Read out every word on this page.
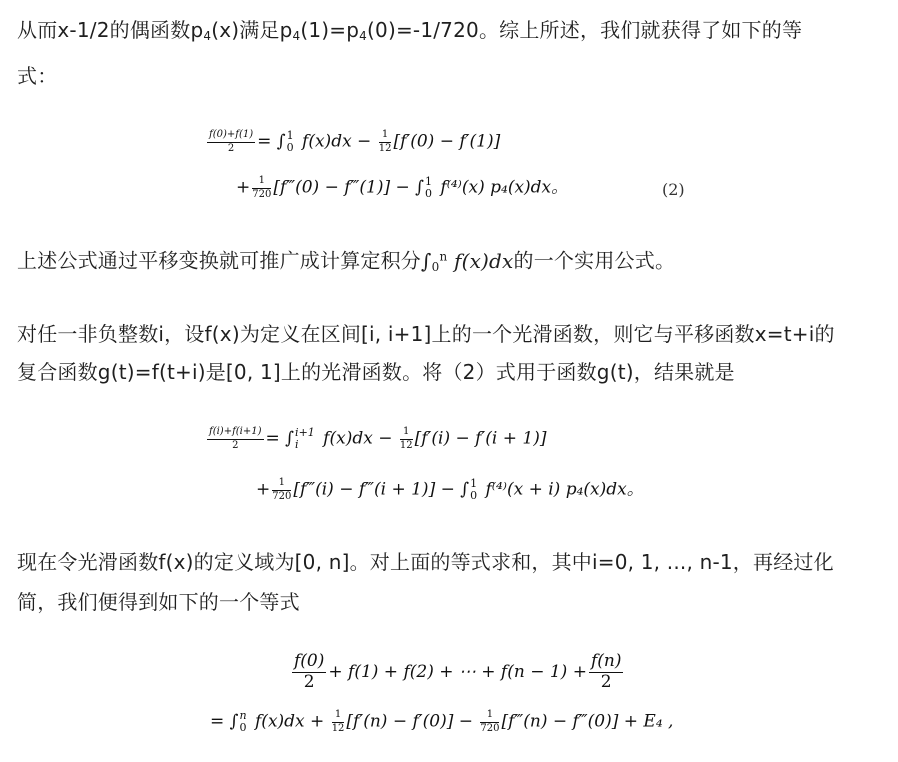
从而x-1/2的偶函数$p_4(x)$满足$p_4(1)=p_4(0)=-1/720$。综上所述，我们就获得了如下的等
式：
$\frac{f(0)+f(1)}{2}$ = ∫ 1
0 $f(x)dx - \frac{1}{12} [f'(0) - f'(1)]$
+ $\frac{1}{720}$ [f‴(0) − f‴(1)] − ∫ 1
0 f⁽⁴⁾(x) p₄(x)dx。	(2)
上述公式通过平移变换就可推广成计算定积分$\int_0^n$ f(x)dx的一个实用公式。
对任一非负整数i，设f(x)为定义在区间[i, i+1]上的一个光滑函数，则它与平移函数x=t+i的
复合函数g(t)=f(t+i)是[0, 1]上的光滑函数。将（2）式用于函数g(t)，结果就是
$\frac{f(i)+f(i+1)}{2}$ = ∫ i+1
i	$f(x)dx - \frac{1}{12} [f'(i) - f'(i + 1)]$
+ $\frac{1}{720}$ [f‴(i) − f‴(i + 1)] − ∫ 1
0 f⁽⁴⁾(x + i) p₄(x)dx。
现在令光滑函数f(x)的定义域为[0, n]。对上面的等式求和，其中i=0, 1, ..., n-1，再经过化
简，我们便得到如下的一个等式
$\frac{f(0)}{2} + f(1) + f(2)$ + ⋯ + $f(n - 1) + \frac{f(n)}{2}$
= ∫ n
0 $f(x)dx + \frac{1}{12} [f'(n) - f'(0)] - \frac{1}{720}$ [f‴(n) − f‴(0)] + E₄ ,
